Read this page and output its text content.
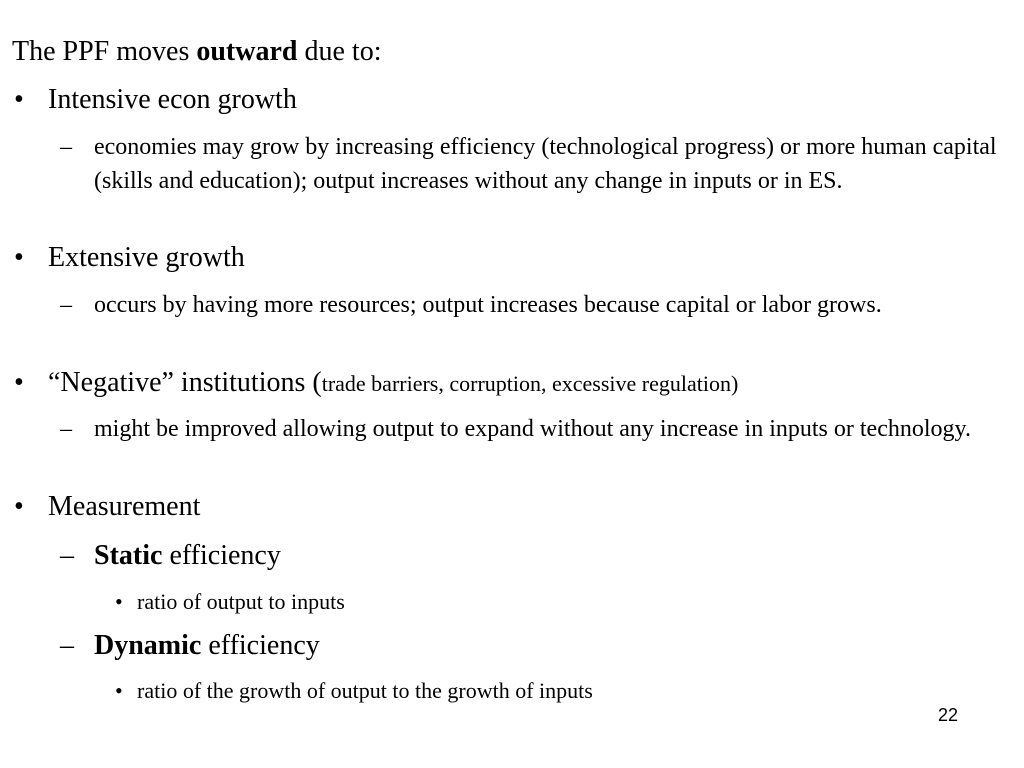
The PPF moves outward due to:
• Intensive econ growth
– economies may grow by increasing efficiency (technological progress) or more human capital (skills and education); output increases without any change in inputs or in ES.
• Extensive growth
– occurs by having more resources; output increases because capital or labor grows.
• “Negative” institutions (trade barriers, corruption, excessive regulation)
– might be improved allowing output to expand without any increase in inputs or technology.
• Measurement
– Static efficiency
• ratio of output to inputs
– Dynamic efficiency
• ratio of the growth of output to the growth of inputs
22
